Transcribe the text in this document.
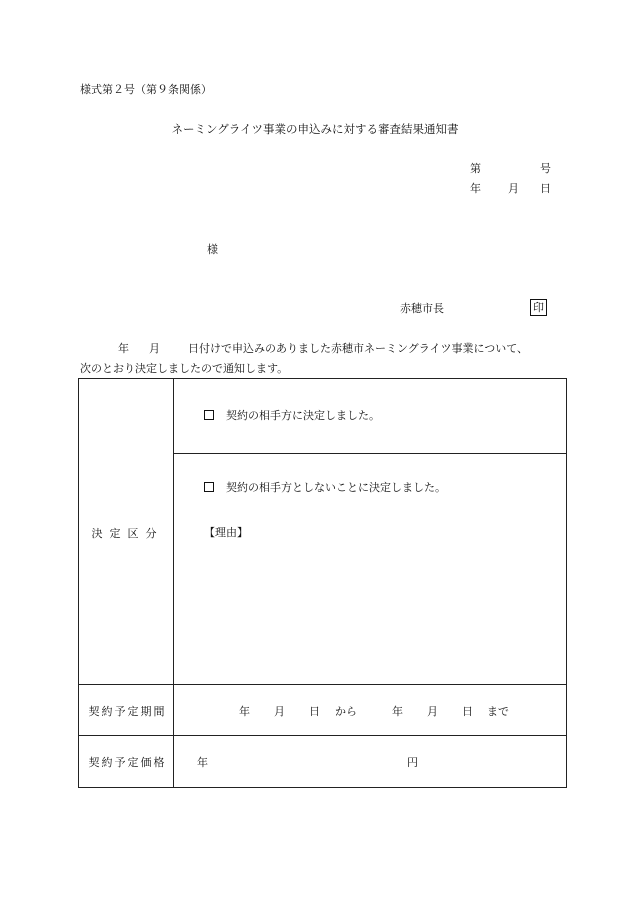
様式第２号（第９条関係）
ネーミングライツ事業の申込みに対する審査結果通知書
第	号
年 月 日
様
赤穂市長	印
年 月	日付けで申込みのありました赤穂市ネーミングライツ事業について、
次のとおり決定しましたので通知します。
決定区分
契約の相手方に決定しました。
契約の相手方としないことに決定しました。
【理由】
契約予定期間	年 月 日 から	年 月 日 まで
契約予定価格	年	円
